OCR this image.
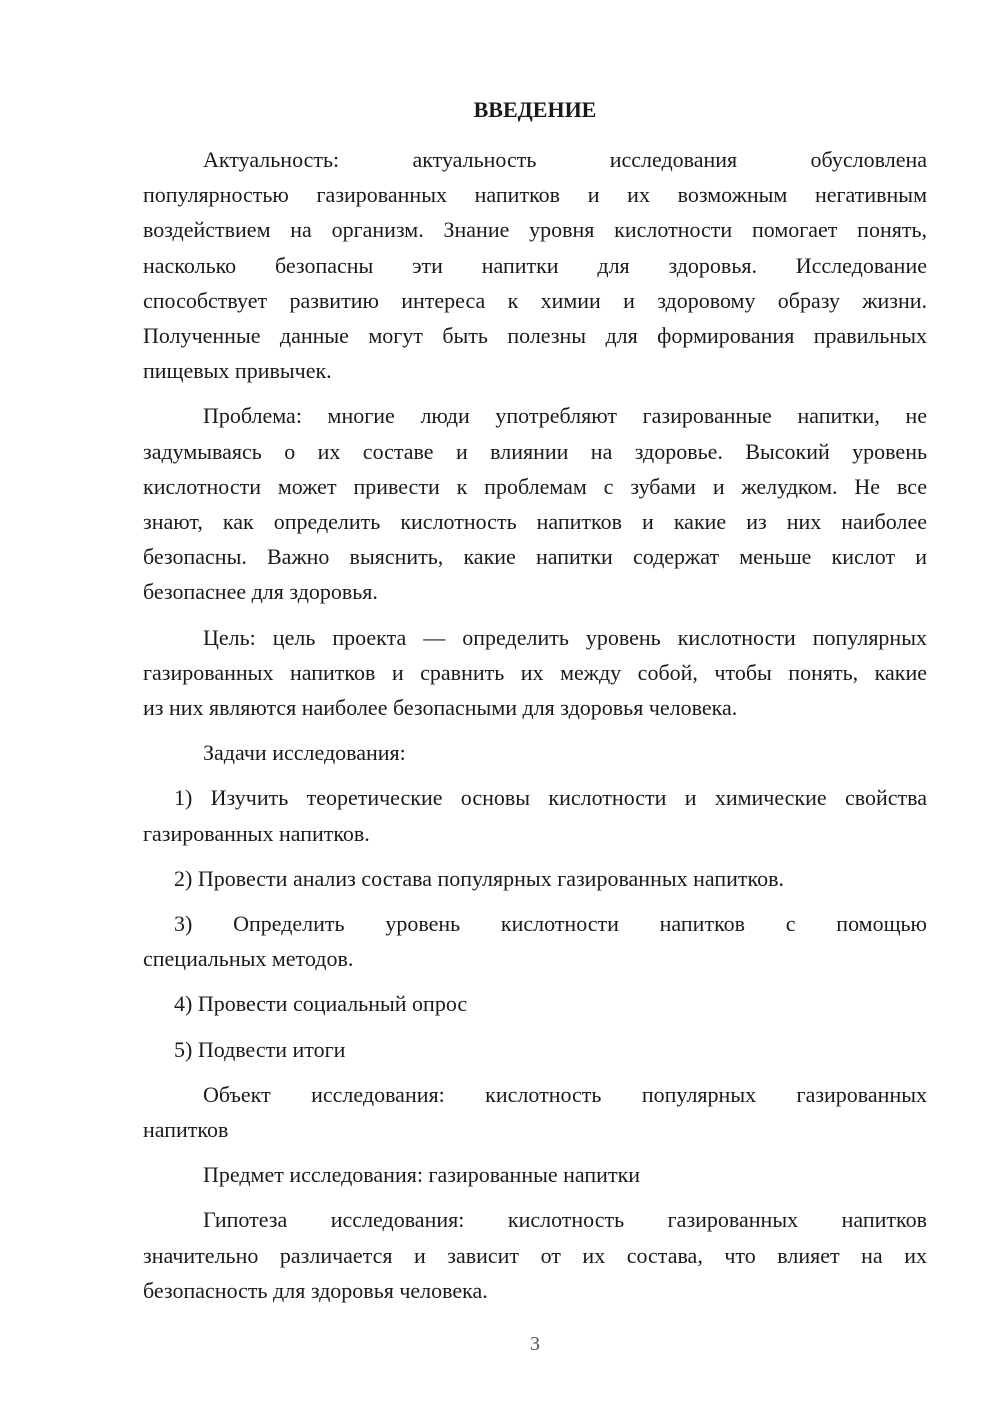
ВВЕДЕНИЕ
Актуальность: актуальность исследования обусловлена
популярностью газированных напитков и их возможным негативным
воздействием на организм. Знание уровня кислотности помогает понять,
насколько безопасны эти напитки для здоровья. Исследование
способствует развитию интереса к химии и здоровому образу жизни.
Полученные данные могут быть полезны для формирования правильных
пищевых привычек.
Проблема: многие люди употребляют газированные напитки, не
задумываясь о их составе и влиянии на здоровье. Высокий уровень
кислотности может привести к проблемам с зубами и желудком. Не все
знают, как определить кислотность напитков и какие из них наиболее
безопасны. Важно выяснить, какие напитки содержат меньше кислот и
безопаснее для здоровья.
Цель: цель проекта — определить уровень кислотности популярных
газированных напитков и сравнить их между собой, чтобы понять, какие
из них являются наиболее безопасными для здоровья человека.
Задачи исследования:
1) Изучить теоретические основы кислотности и химические свойства
газированных напитков.
2) Провести анализ состава популярных газированных напитков.
3) Определить уровень кислотности напитков с помощью
специальных методов.
4) Провести социальный опрос
5) Подвести итоги
Объект исследования: кислотность популярных газированных
напитков
Предмет исследования: газированные напитки
Гипотеза исследования: кислотность газированных напитков
значительно различается и зависит от их состава, что влияет на их
безопасность для здоровья человека.
3
